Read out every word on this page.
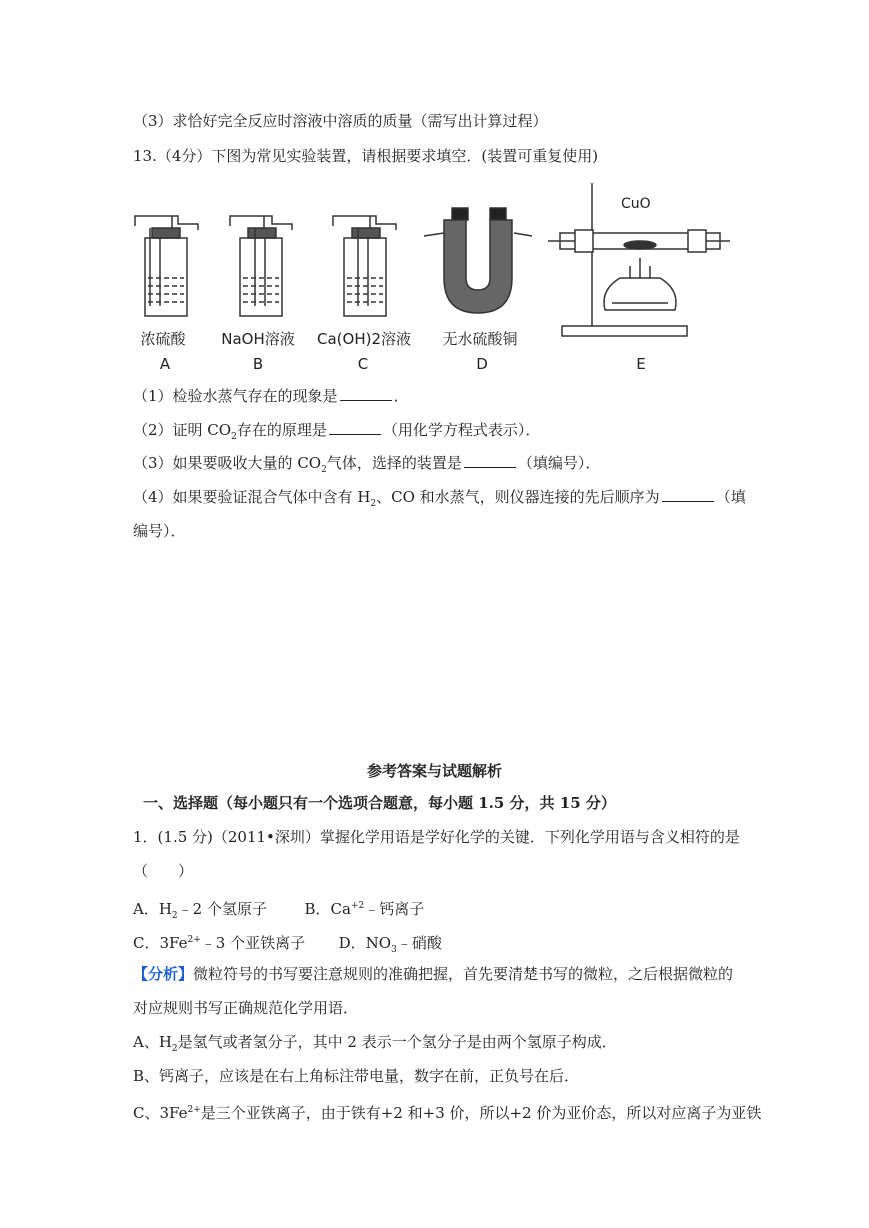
（3）求恰好完全反应时溶液中溶质的质量（需写出计算过程）
13.（4分）下图为常见实验装置，请根据要求填空．(装置可重复使用)
CuO
浓硫酸 NaOH溶液 Ca(OH)2溶液 无水硫酸铜
A	B	C	D	E
（1）检验水蒸气存在的现象是	．
（2）证明 $CO_2$存在的原理是	（用化学方程式表示）．
（3）如果要吸收大量的 $CO_2$气体，选择的装置是	（填编号）．
（4）如果要验证混合气体中含有 $H_2$、CO 和水蒸气，则仪器连接的先后顺序为	（填
编号）．
参考答案与试题解析
一、选择题（每小题只有一个选项合题意，每小题 1.5 分，共 15 分）
1．(1.5 分)（2011•深圳）掌握化学用语是学好化学的关键．下列化学用语与含义相符的是
（　　）
A．$H_2﹣2$ 个氢原子	B．$Ca^{+2}﹣$钙离子
C．$3Fe^{2+}﹣3$ 个亚铁离子 D．$NO_3﹣$硝酸
【分析】微粒符号的书写要注意规则的准确把握，首先要清楚书写的微粒，之后根据微粒的
对应规则书写正确规范化学用语．
A、$H_2$是氢气或者氢分子，其中 2 表示一个氢分子是由两个氢原子构成．
B、钙离子，应该是在右上角标注带电量，数字在前，正负号在后．
C、$3Fe^{2+}$是三个亚铁离子，由于铁有+2 和+3 价，所以+2 价为亚价态，所以对应离子为亚铁
